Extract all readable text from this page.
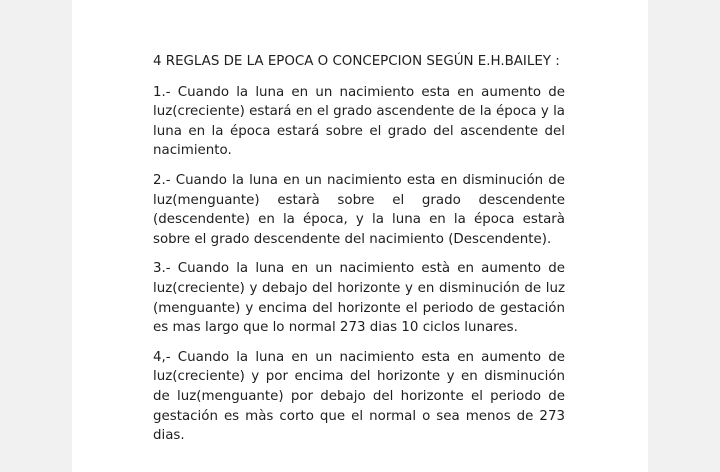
4 REGLAS DE LA EPOCA O CONCEPCION SEGÚN E.H.BAILEY :

1.- Cuando la luna en un nacimiento esta en aumento de luz(creciente) estará en el grado ascendente de la época y la luna en la época estará sobre el grado del ascendente del nacimiento.

2.- Cuando la luna en un nacimiento esta en disminución de luz(menguante) estarà sobre el grado descendente (descendente) en la época, y la luna en la época estarà sobre el grado descendente del nacimiento (Descendente).

3.- Cuando la luna en un nacimiento està en aumento de luz(creciente) y debajo del horizonte y en disminución de luz (menguante) y encima del horizonte el periodo de gestación es mas largo que lo normal 273 dias 10 ciclos lunares.

4,- Cuando la luna en un nacimiento esta en aumento de luz(creciente) y por encima del horizonte y en disminución de luz(menguante) por debajo del horizonte el periodo de gestación es màs corto que el normal o sea menos de 273 dias.
